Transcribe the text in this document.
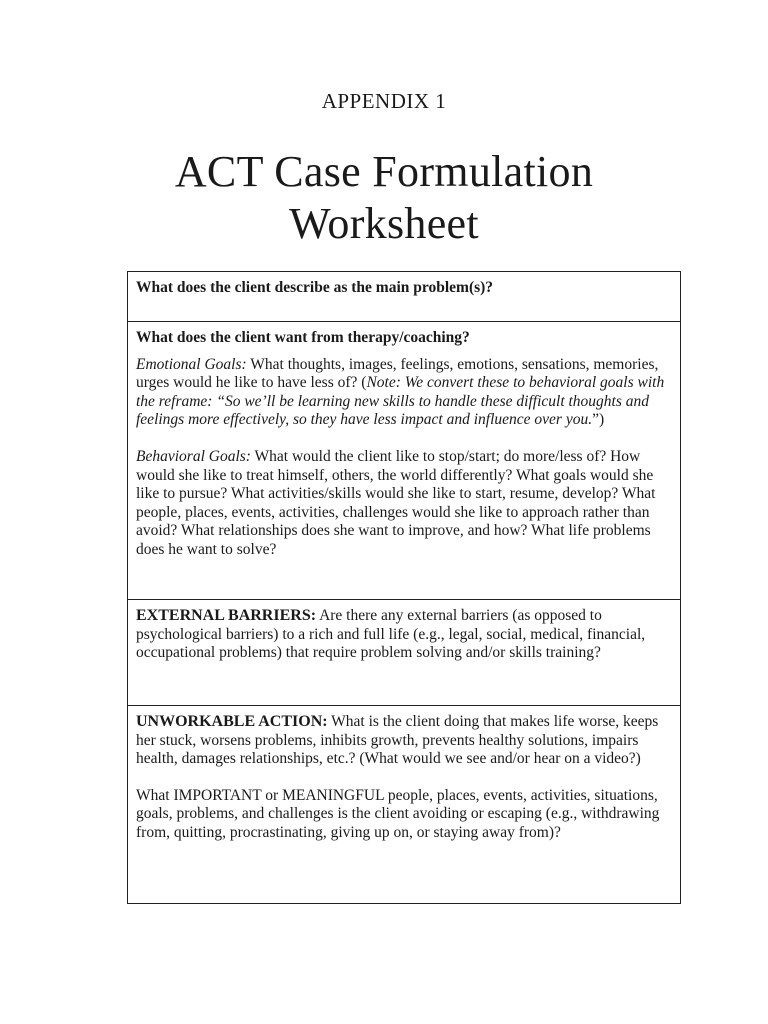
APPENDIX 1
ACT Case Formulation
Worksheet
What does the client describe as the main problem(s)?
What does the client want from therapy/coaching?

Emotional Goals: What thoughts, images, feelings, emotions, sensations, memories, urges would he like to have less of? (Note: We convert these to behavioral goals with the reframe: “So we’ll be learning new skills to handle these difficult thoughts and feelings more effectively, so they have less impact and influence over you.”)

Behavioral Goals: What would the client like to stop/start; do more/less of? How would she like to treat himself, others, the world differently? What goals would she like to pursue? What activities/skills would she like to start, resume, develop? What people, places, events, activities, challenges would she like to approach rather than avoid? What relationships does she want to improve, and how? What life problems does he want to solve?

EXTERNAL BARRIERS: Are there any external barriers (as opposed to psychological barriers) to a rich and full life (e.g., legal, social, medical, financial, occupational problems) that require problem solving and/or skills training?

UNWORKABLE ACTION: What is the client doing that makes life worse, keeps her stuck, worsens problems, inhibits growth, prevents healthy solutions, impairs health, damages relationships, etc.? (What would we see and/or hear on a video?)

What IMPORTANT or MEANINGFUL people, places, events, activities, situations, goals, problems, and challenges is the client avoiding or escaping (e.g., withdrawing from, quitting, procrastinating, giving up on, or staying away from)?
